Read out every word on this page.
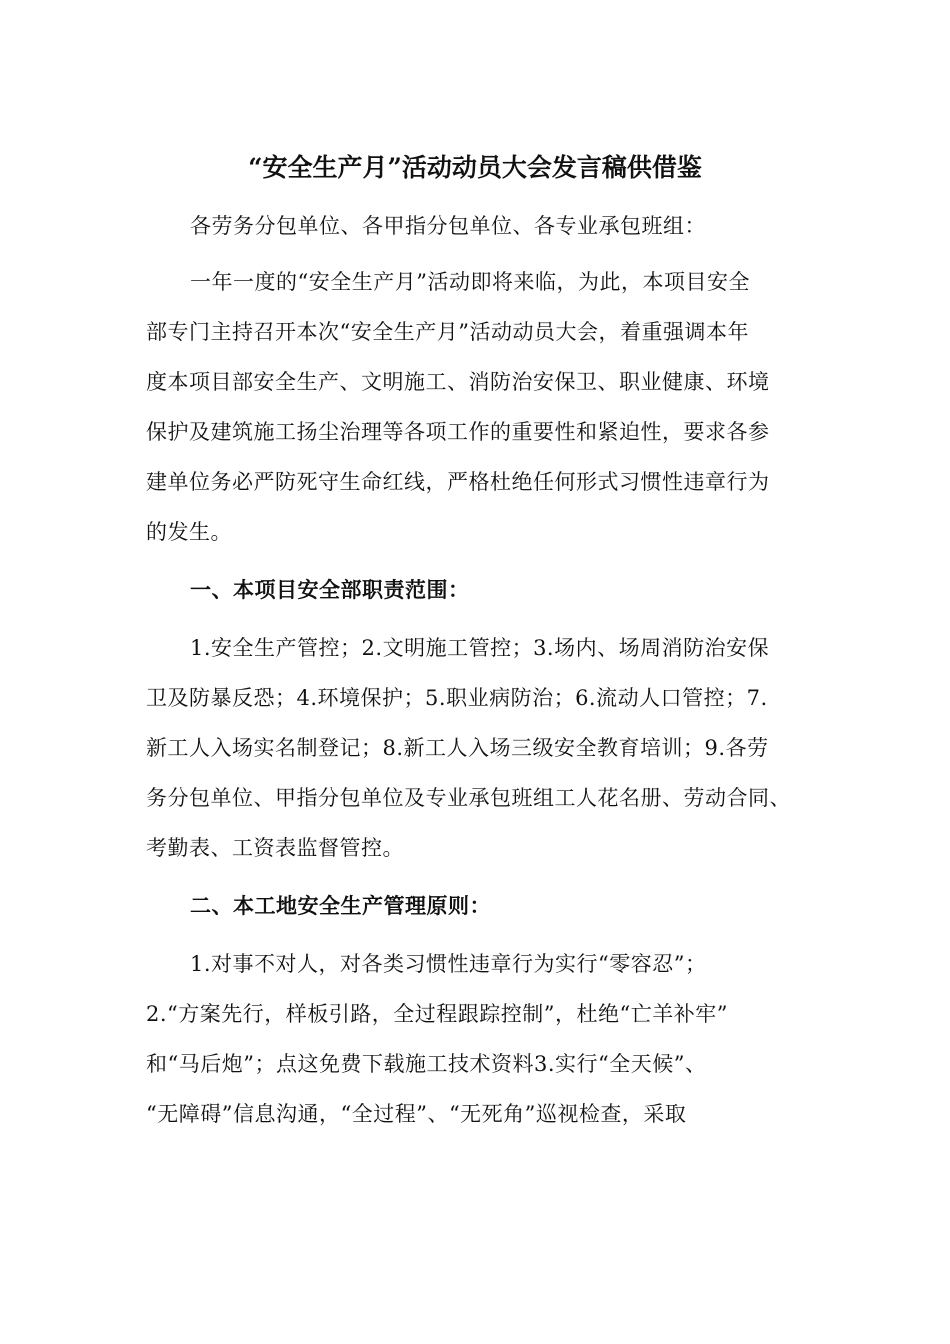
“安全生产月”活动动员大会发言稿供借鉴
各劳务分包单位、各甲指分包单位、各专业承包班组：
一年一度的“安全生产月”活动即将来临，为此，本项目安全
部专门主持召开本次“安全生产月”活动动员大会，着重强调本年
度本项目部安全生产、文明施工、消防治安保卫、职业健康、环境
保护及建筑施工扬尘治理等各项工作的重要性和紧迫性，要求各参
建单位务必严防死守生命红线，严格杜绝任何形式习惯性违章行为
的发生。
一、本项目安全部职责范围：
1.安全生产管控；2.文明施工管控；3.场内、场周消防治安保
卫及防暴反恐；4.环境保护；5.职业病防治；6.流动人口管控；7.
新工人入场实名制登记；8.新工人入场三级安全教育培训；9.各劳
务分包单位、甲指分包单位及专业承包班组工人花名册、劳动合同、
考勤表、工资表监督管控。
二、本工地安全生产管理原则：
1.对事不对人，对各类习惯性违章行为实行“零容忍”；
2.“方案先行，样板引路，全过程跟踪控制”，杜绝“亡羊补牢”
和“马后炮”；点这免费下载施工技术资料3.实行“全天候”、
“无障碍”信息沟通，“全过程”、“无死角”巡视检查，采取
